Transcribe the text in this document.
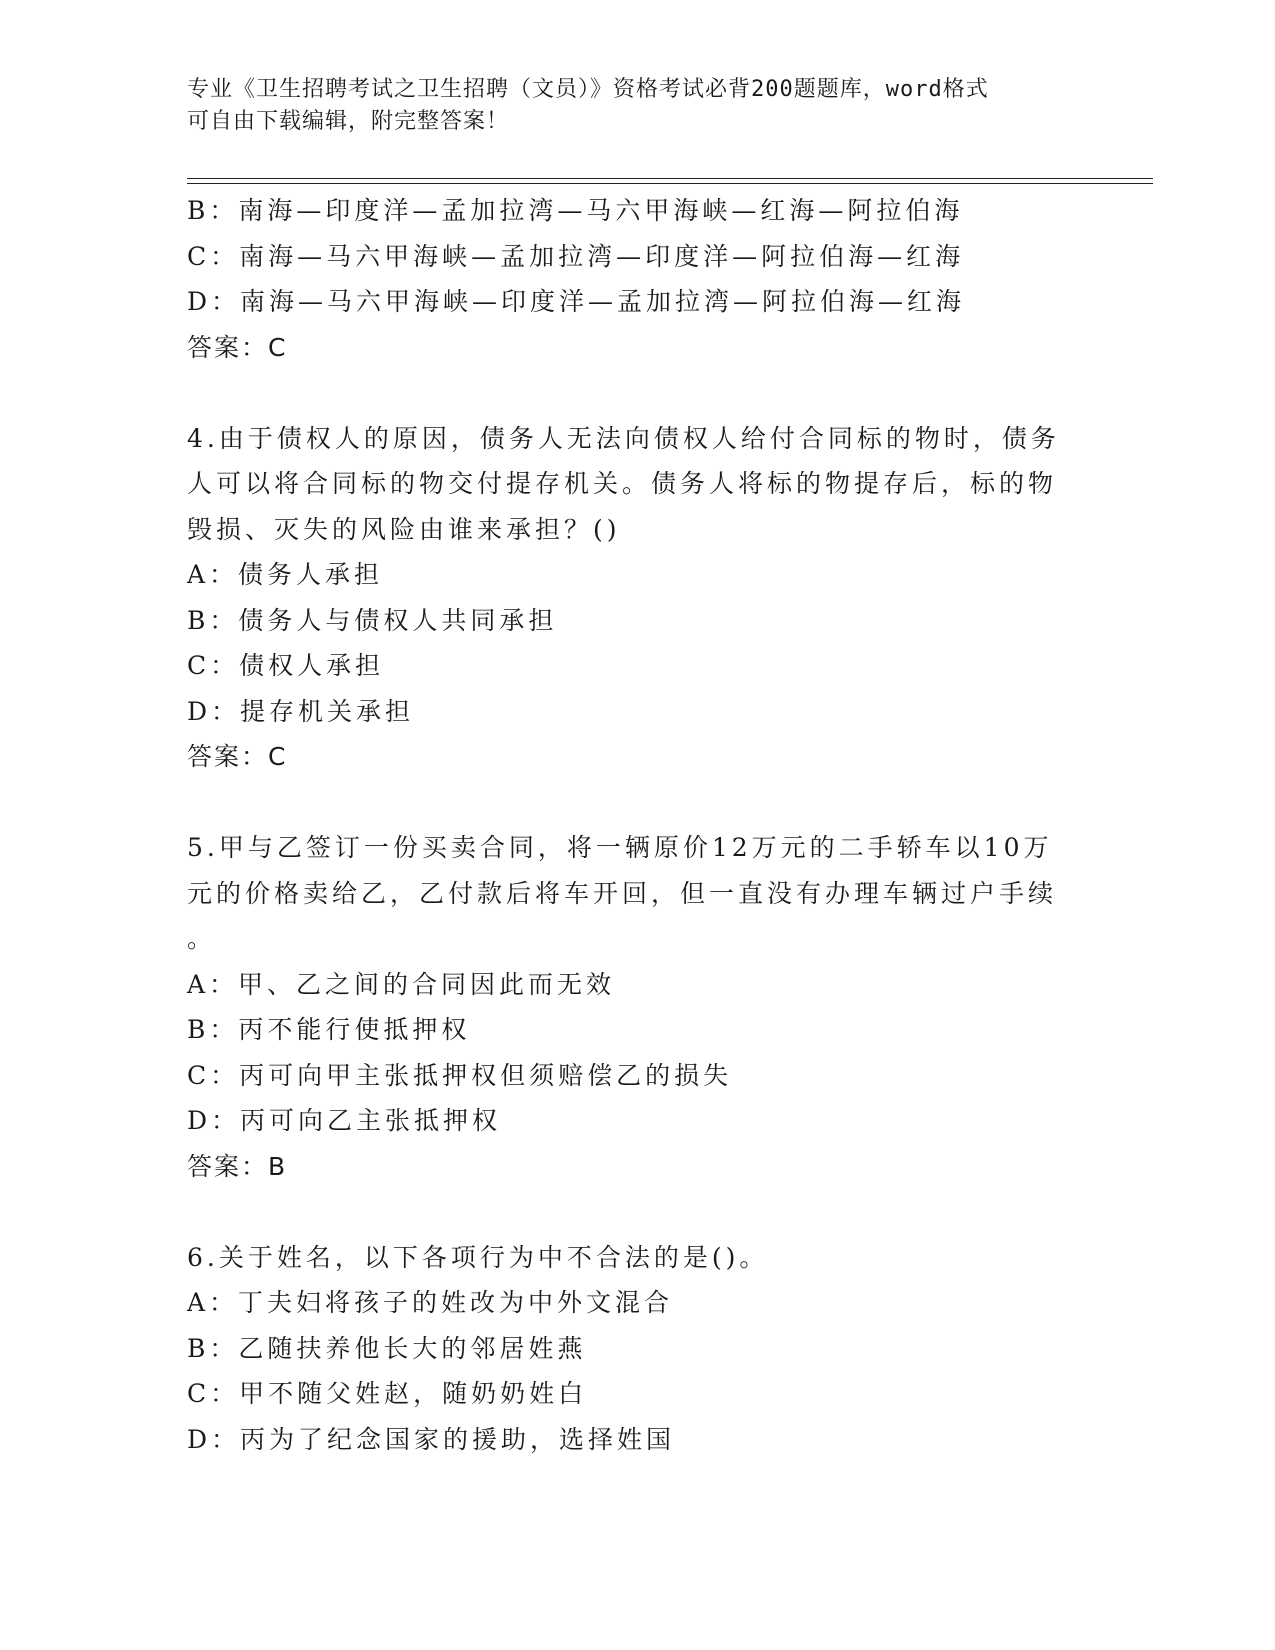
专业《卫生招聘考试之卫生招聘（文员）》资格考试必背200题题库，word格式
可自由下载编辑，附完整答案！
B：南海—印度洋—孟加拉湾—马六甲海峡—红海—阿拉伯海
C：南海—马六甲海峡—孟加拉湾—印度洋—阿拉伯海—红海
D：南海—马六甲海峡—印度洋—孟加拉湾—阿拉伯海—红海
答案：C
4.由于债权人的原因，债务人无法向债权人给付合同标的物时，债务
人可以将合同标的物交付提存机关。债务人将标的物提存后，标的物
毁损、灭失的风险由谁来承担？()
A：债务人承担
B：债务人与债权人共同承担
C：债权人承担
D：提存机关承担
答案：C
5.甲与乙签订一份买卖合同，将一辆原价12万元的二手轿车以10万
元的价格卖给乙，乙付款后将车开回，但一直没有办理车辆过户手续
。
A：甲、乙之间的合同因此而无效
B：丙不能行使抵押权
C：丙可向甲主张抵押权但须赔偿乙的损失
D：丙可向乙主张抵押权
答案：B
6.关于姓名，以下各项行为中不合法的是()。
A：丁夫妇将孩子的姓改为中外文混合
B：乙随扶养他长大的邻居姓燕
C：甲不随父姓赵，随奶奶姓白
D：丙为了纪念国家的援助，选择姓国
